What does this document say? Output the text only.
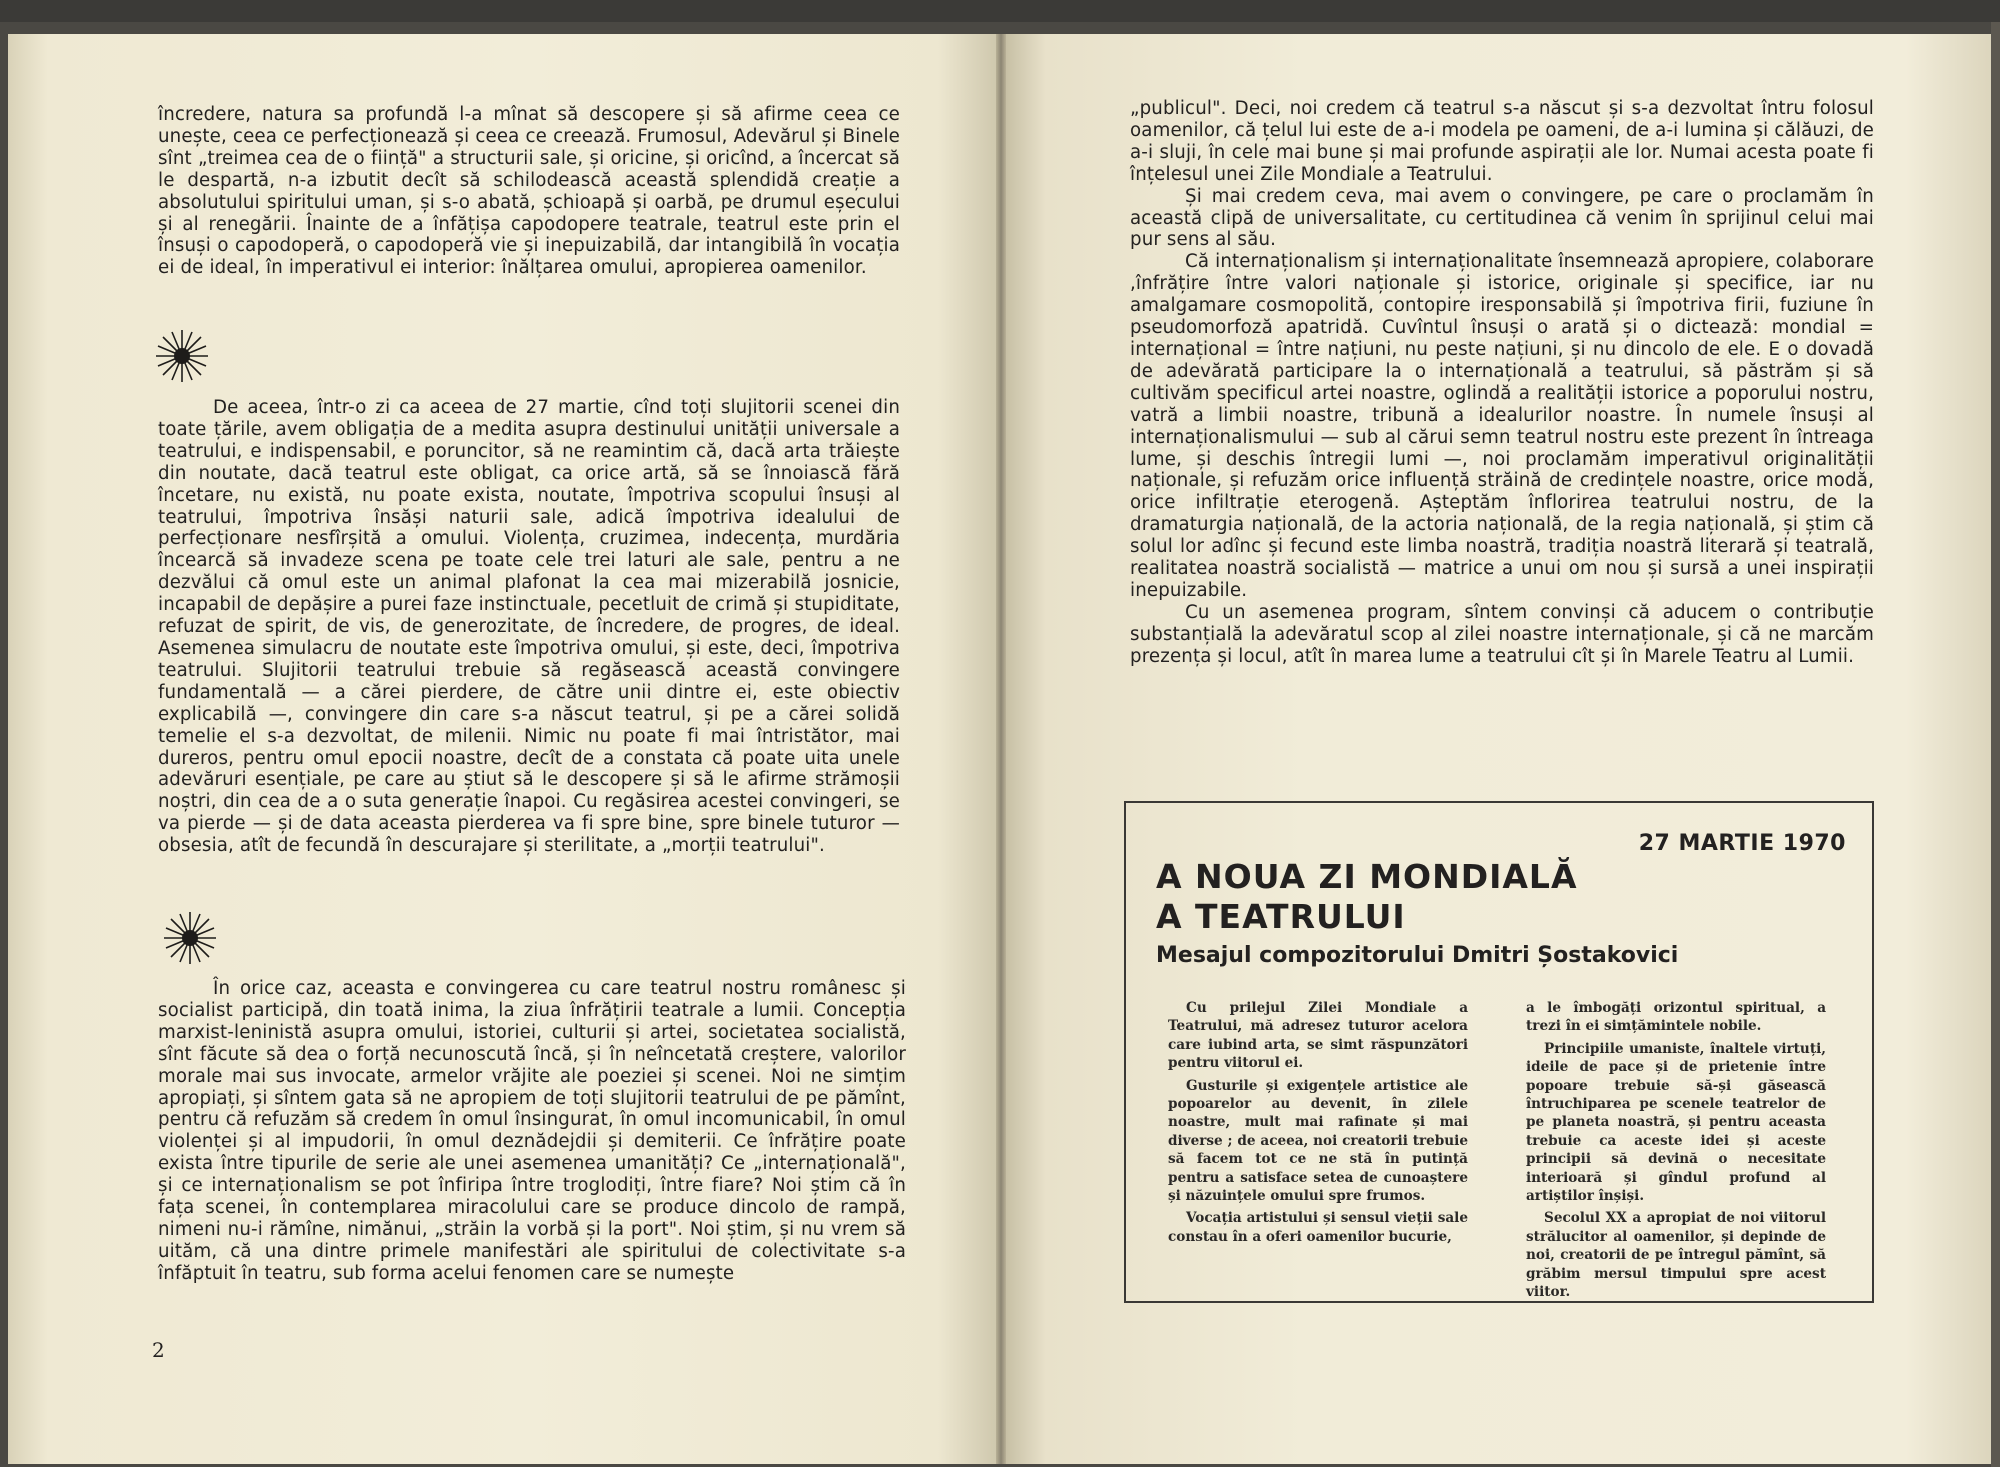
încredere, natura sa profundă l-a mînat să descopere și să afirme ceea ce unește, ceea ce perfecționează și ceea ce creează. Frumosul, Adevărul și Binele sînt „treimea cea de o ființă" a structurii sale, și oricine, și oricînd, a încercat să le despartă, n-a izbutit decît să schilodească această splendidă creație a absolutului spiritului uman, și s-o abată, șchioapă și oarbă, pe drumul eșecului și al renegării. Înainte de a înfățișa capodopere teatrale, teatrul este prin el însuși o capodoperă, o capodoperă vie și inepuizabilă, dar intangibilă în vocația ei de ideal, în imperativul ei interior: înălțarea omului, apropierea oamenilor.

De aceea, într-o zi ca aceea de 27 martie, cînd toți slujitorii scenei din toate țările, avem obligația de a medita asupra destinului unității universale a teatrului, e indispensabil, e poruncitor, să ne reamintim că, dacă arta trăiește din noutate, dacă teatrul este obligat, ca orice artă, să se înnoiască fără încetare, nu există, nu poate exista, noutate, împotriva scopului însuși al teatrului, împotriva însăși naturii sale, adică împotriva idealului de perfecționare nesfîrșită a omului. Violența, cruzimea, indecența, murdăria încearcă să invadeze scena pe toate cele trei laturi ale sale, pentru a ne dezvălui că omul este un animal plafonat la cea mai mizerabilă josnicie, incapabil de depășire a purei faze instinctuale, pecetluit de crimă și stupiditate, refuzat de spirit, de vis, de generozitate, de încredere, de progres, de ideal. Asemenea simulacru de noutate este împotriva omului, și este, deci, împotriva teatrului. Slujitorii teatrului trebuie să regăsească această convingere fundamentală — a cărei pierdere, de către unii dintre ei, este obiectiv explicabilă —, convingere din care s-a născut teatrul, și pe a cărei solidă temelie el s-a dezvoltat, de milenii. Nimic nu poate fi mai întristător, mai dureros, pentru omul epocii noastre, decît de a constata că poate uita unele adevăruri esențiale, pe care au știut să le descopere și să le afirme strămoșii noștri, din cea de a o suta generație înapoi. Cu regăsirea acestei convingeri, se va pierde — și de data aceasta pierderea va fi spre bine, spre binele tuturor — obsesia, atît de fecundă în descurajare și sterilitate, a „morții teatrului".

În orice caz, aceasta e convingerea cu care teatrul nostru românesc și socialist participă, din toată inima, la ziua înfrățirii teatrale a lumii. Concepția marxist-leninistă asupra omului, istoriei, culturii și artei, societatea socialistă, sînt făcute să dea o forță necunoscută încă, și în neîncetată creștere, valorilor morale mai sus invocate, armelor vrăjite ale poeziei și scenei. Noi ne simțim apropiați, și sîntem gata să ne apropiem de toți slujitorii teatrului de pe pămînt, pentru că refuzăm să credem în omul însingurat, în omul incomunicabil, în omul violenței și al impudorii, în omul deznădejdii și demiterii. Ce înfrățire poate exista între tipurile de serie ale unei asemenea umanități? Ce „internațională", și ce internaționalism se pot înfiripa între troglodiți, între fiare? Noi știm că în fața scenei, în contemplarea miracolului care se produce dincolo de rampă, nimeni nu-i rămîne, nimănui, „străin la vorbă și la port". Noi știm, și nu vrem să uităm, că una dintre primele manifestări ale spiritului de colectivitate s-a înfăptuit în teatru, sub forma acelui fenomen care se numește

2

„publicul". Deci, noi credem că teatrul s-a născut și s-a dezvoltat întru folosul oamenilor, că țelul lui este de a-i modela pe oameni, de a-i lumina și călăuzi, de a-i sluji, în cele mai bune și mai profunde aspirații ale lor. Numai acesta poate fi înțelesul unei Zile Mondiale a Teatrului.

Și mai credem ceva, mai avem o convingere, pe care o proclamăm în această clipă de universalitate, cu certitudinea că venim în sprijinul celui mai pur sens al său.

Că internaționalism și internaționalitate însemnează apropiere, colaborare ,înfrățire între valori naționale și istorice, originale și specifice, iar nu amalgamare cosmopolită, contopire iresponsabilă și împotriva firii, fuziune în pseudomorfoză apatridă. Cuvîntul însuși o arată și o dictează: mondial = internațional = între națiuni, nu peste națiuni, și nu dincolo de ele. E o dovadă de adevărată participare la o internațională a teatrului, să păstrăm și să cultivăm specificul artei noastre, oglindă a realității istorice a poporului nostru, vatră a limbii noastre, tribună a idealurilor noastre. În numele însuși al internaționalismului — sub al cărui semn teatrul nostru este prezent în întreaga lume, și deschis întregii lumi —, noi proclamăm imperativul originalității naționale, și refuzăm orice influență străină de credințele noastre, orice modă, orice infiltrație eterogenă. Așteptăm înflorirea teatrului nostru, de la dramaturgia națională, de la actoria națională, de la regia națională, și știm că solul lor adînc și fecund este limba noastră, tradiția noastră literară și teatrală, realitatea noastră socialistă — matrice a unui om nou și sursă a unei inspirații inepuizabile.

Cu un asemenea program, sîntem convinși că aducem o contribuție substanțială la adevăratul scop al zilei noastre internaționale, și că ne marcăm prezența și locul, atît în marea lume a teatrului cît și în Marele Teatru al Lumii.

27 MARTIE 1970
A NOUA ZI MONDIALĂ
A TEATRULUI
Mesajul compozitorului Dmitri Șostakovici

Cu prilejul Zilei Mondiale a Teatrului, mă adresez tuturor acelora care iubind arta, se simt răspunzători pentru viitorul ei.

Gusturile și exigențele artistice ale popoarelor au devenit, în zilele noastre, mult mai rafinate și mai diverse ; de aceea, noi creatorii trebuie să facem tot ce ne stă în putință pentru a satisface setea de cunoaștere și năzuințele omului spre frumos.

Vocația artistului și sensul vieții sale constau în a oferi oamenilor bucurie,

a le îmbogăți orizontul spiritual, a trezi în ei simțămintele nobile.

Principiile umaniste, înaltele virtuți, ideile de pace și de prietenie între popoare trebuie să-și găsească întruchiparea pe scenele teatrelor de pe planeta noastră, și pentru aceasta trebuie ca aceste idei și aceste principii să devină o necesitate interioară și gîndul profund al artiștilor înșiși.

Secolul XX a apropiat de noi viitorul strălucitor al oamenilor, și depinde de noi, creatorii de pe întregul pămînt, să grăbim mersul timpului spre acest viitor.
